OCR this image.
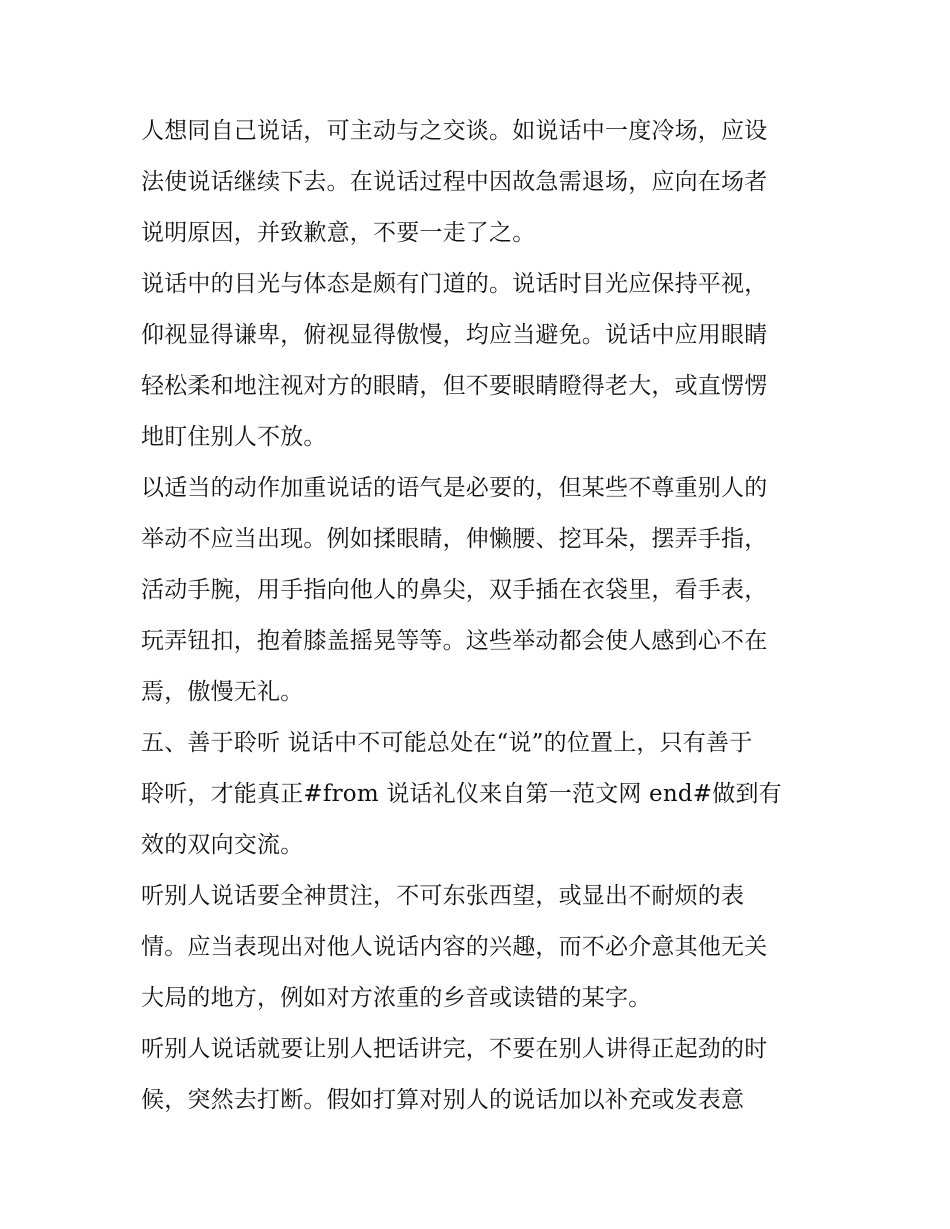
人想同自己说话，可主动与之交谈。如说话中一度冷场，应设
法使说话继续下去。在说话过程中因故急需退场，应向在场者
说明原因，并致歉意，不要一走了之。
说话中的目光与体态是颇有门道的。说话时目光应保持平视，
仰视显得谦卑，俯视显得傲慢，均应当避免。说话中应用眼睛
轻松柔和地注视对方的眼睛，但不要眼睛瞪得老大，或直愣愣
地盯住别人不放。
以适当的动作加重说话的语气是必要的，但某些不尊重别人的
举动不应当出现。例如揉眼睛，伸懒腰、挖耳朵，摆弄手指，
活动手腕，用手指向他人的鼻尖，双手插在衣袋里，看手表，
玩弄钮扣，抱着膝盖摇晃等等。这些举动都会使人感到心不在
焉，傲慢无礼。
五、善于聆听 说话中不可能总处在“说”的位置上，只有善于
聆听，才能真正#from 说话礼仪来自第一范文网 end#做到有
效的双向交流。
听别人说话要全神贯注，不可东张西望，或显出不耐烦的表
情。应当表现出对他人说话内容的兴趣，而不必介意其他无关
大局的地方，例如对方浓重的乡音或读错的某字。
听别人说话就要让别人把话讲完，不要在别人讲得正起劲的时
候，突然去打断。假如打算对别人的说话加以补充或发表意
